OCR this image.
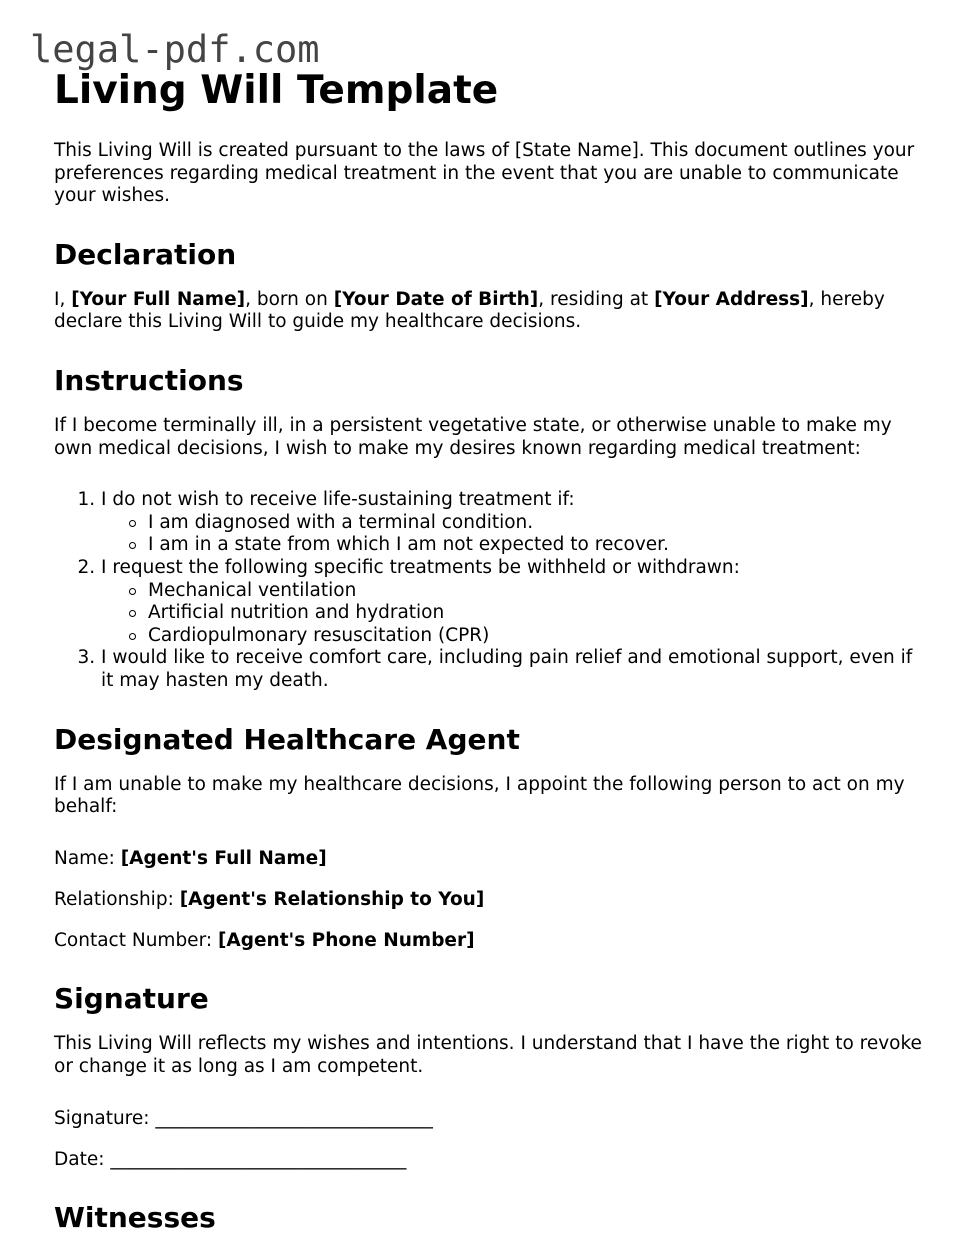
legal-pdf.com
Living Will Template

This Living Will is created pursuant to the laws of [State Name]. This document outlines your preferences regarding medical treatment in the event that you are unable to communicate your wishes.

Declaration

I, [Your Full Name], born on [Your Date of Birth], residing at [Your Address], hereby declare this Living Will to guide my healthcare decisions.

Instructions

If I become terminally ill, in a persistent vegetative state, or otherwise unable to make my own medical decisions, I wish to make my desires known regarding medical treatment:

1. I do not wish to receive life-sustaining treatment if:
I am diagnosed with a terminal condition.
I am in a state from which I am not expected to recover.
2. I request the following specific treatments be withheld or withdrawn:
Mechanical ventilation
Artificial nutrition and hydration
Cardiopulmonary resuscitation (CPR)
3. I would like to receive comfort care, including pain relief and emotional support, even if it may hasten my death.
Designated Healthcare Agent

If I am unable to make my healthcare decisions, I appoint the following person to act on my behalf:

Name: [Agent's Full Name]

Relationship: [Agent's Relationship to You]

Contact Number: [Agent's Phone Number]

Signature

This Living Will reflects my wishes and intentions. I understand that I have the right to revoke or change it as long as I am competent.

Signature: ______________________________

Date: ________________________________

Witnesses
